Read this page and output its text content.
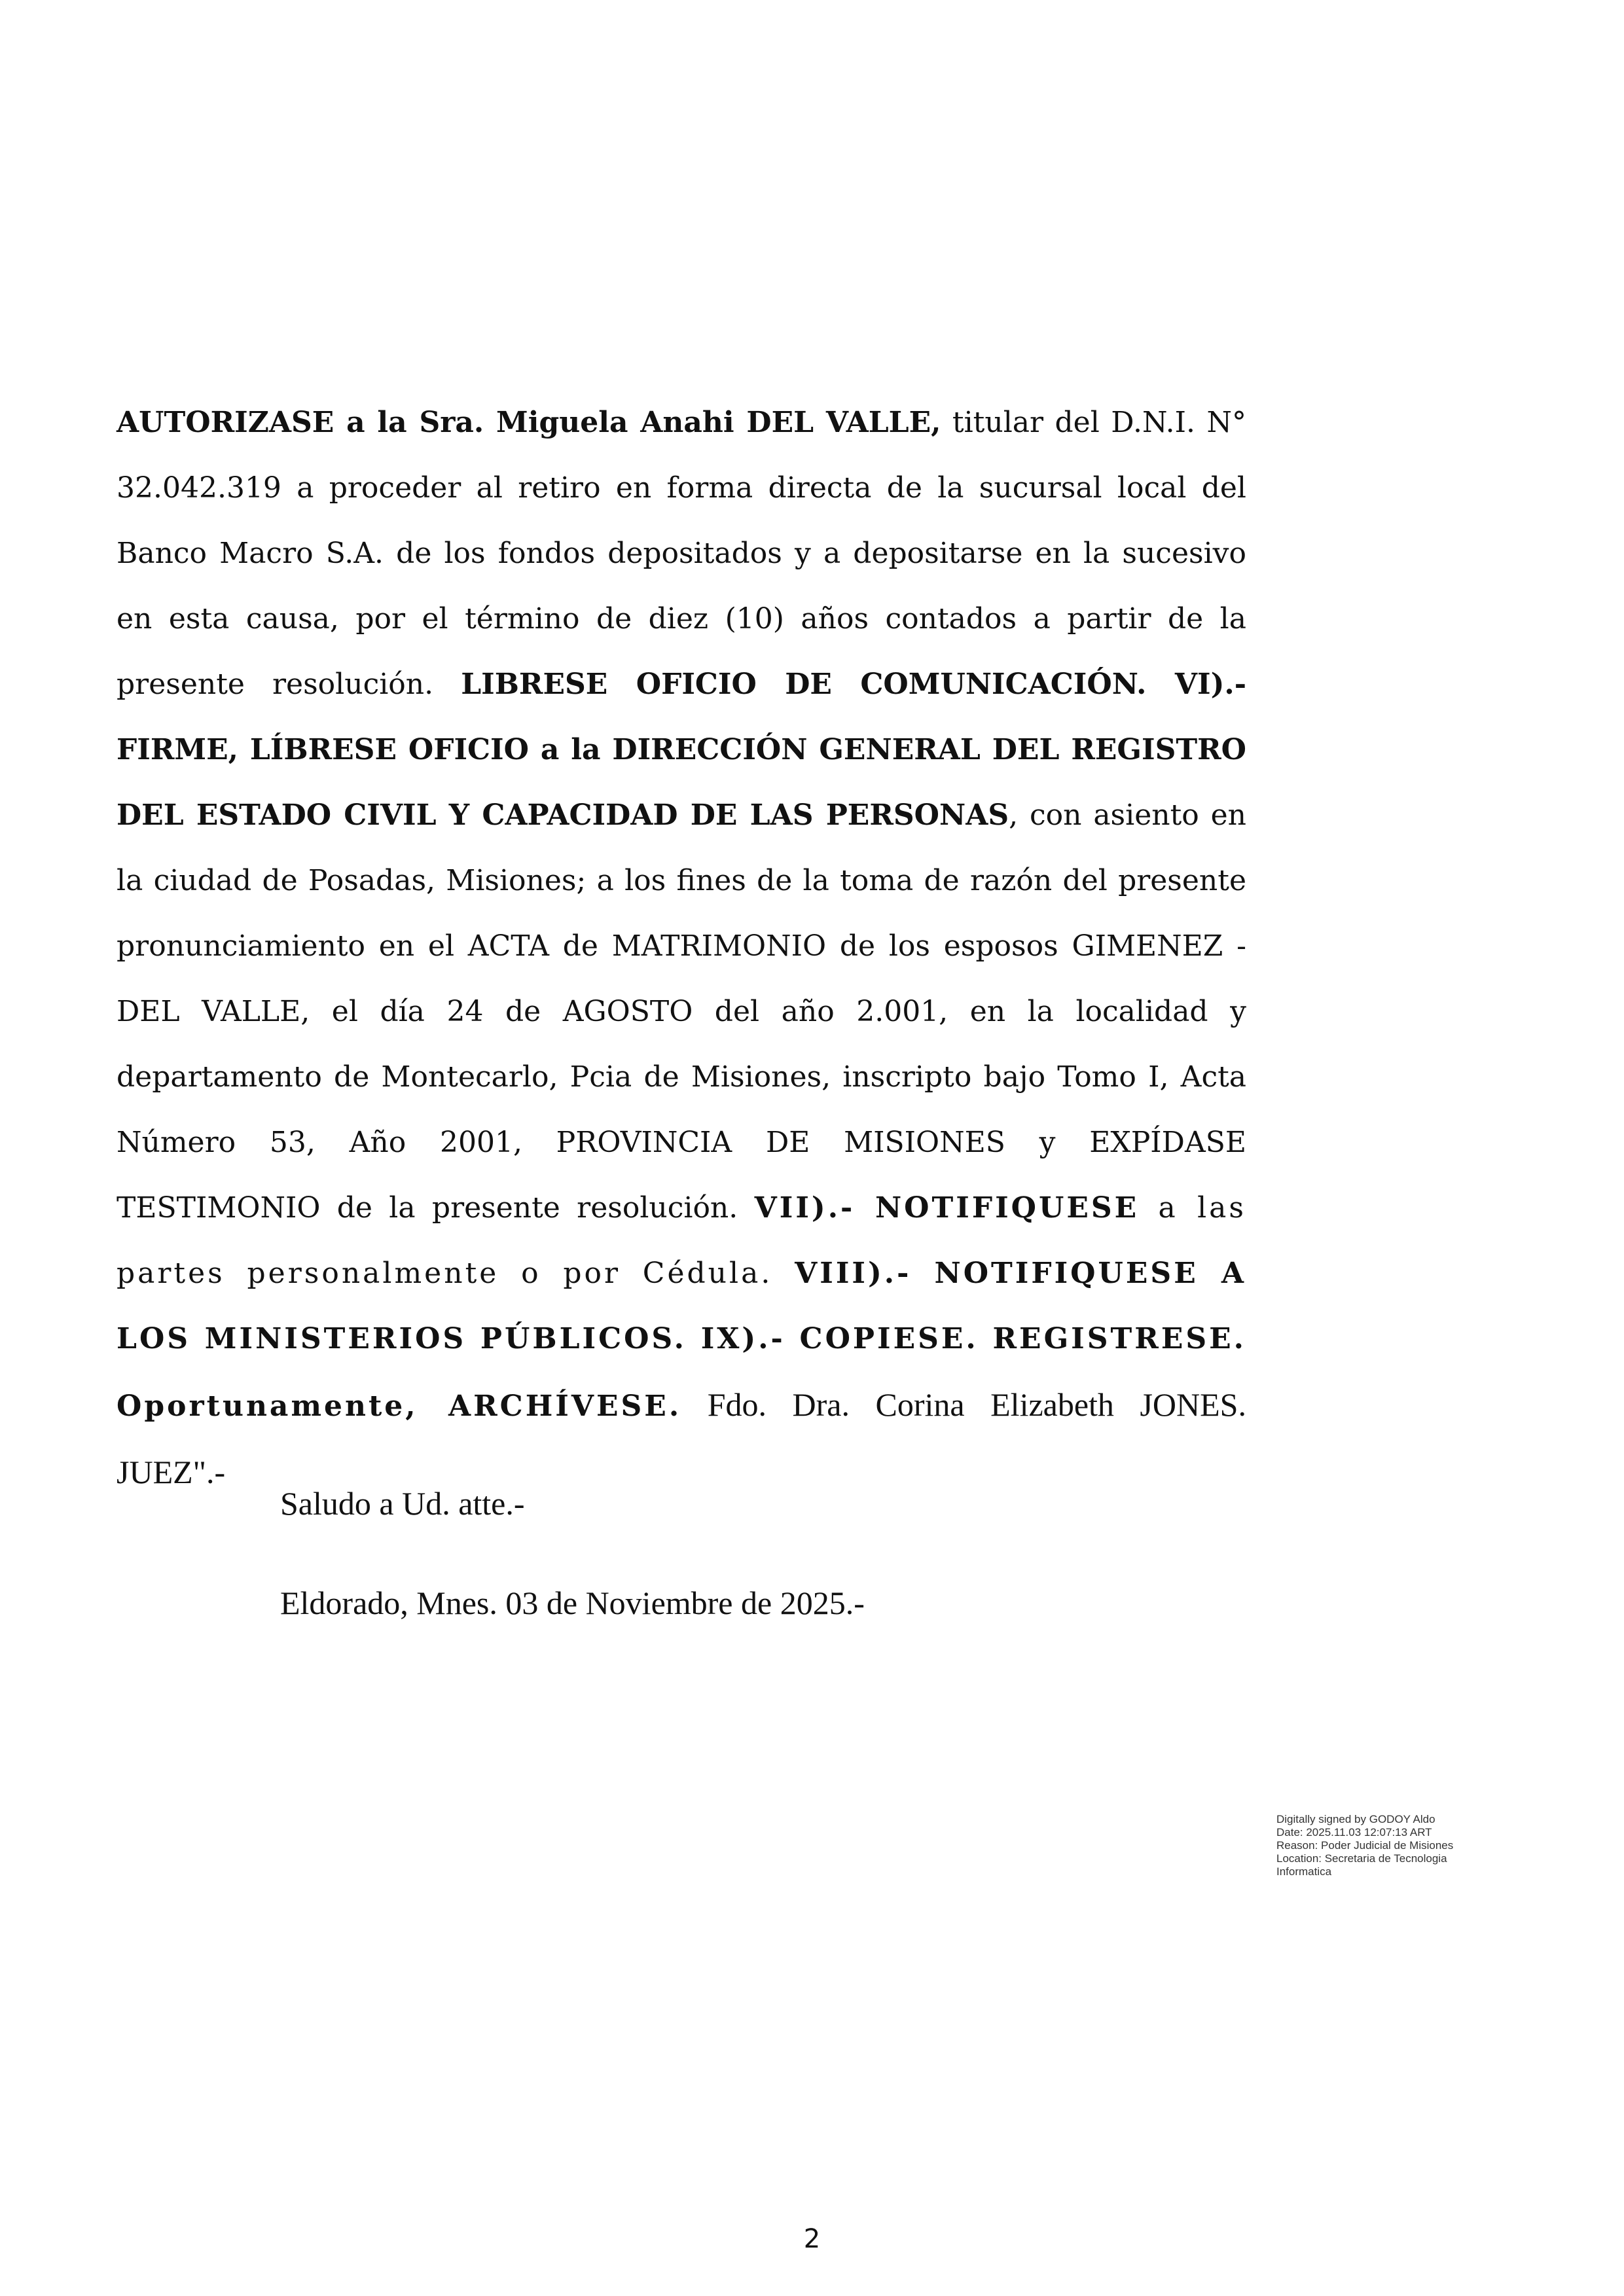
AUTORIZASE a la Sra. Miguela Anahi DEL VALLE, titular del D.N.I. N° 32.042.319 a proceder al retiro en forma directa de la sucursal local del Banco Macro S.A. de los fondos depositados y a depositarse en la sucesivo en esta causa, por el término de diez (10) años contados a partir de la presente resolución. LIBRESE OFICIO DE COMUNICACIÓN. VI).- FIRME, LÍBRESE OFICIO a la DIRECCIÓN GENERAL DEL REGISTRO DEL ESTADO CIVIL Y CAPACIDAD DE LAS PERSONAS, con asiento en la ciudad de Posadas, Misiones; a los fines de la toma de razón del presente pronunciamiento en el ACTA de MATRIMONIO de los esposos GIMENEZ - DEL VALLE, el día 24 de AGOSTO del año 2.001, en la localidad y departamento de Montecarlo, Pcia de Misiones, inscripto bajo Tomo I, Acta Número 53, Año 2001, PROVINCIA DE MISIONES y EXPÍDASE TESTIMONIO de la presente resolución. VII).- NOTIFIQUESE a las partes personalmente o por Cédula. VIII).- NOTIFIQUESE A LOS MINISTERIOS PÚBLICOS. IX).- COPIESE. REGISTRESE. Oportunamente, ARCHÍVESE. Fdo. Dra. Corina Elizabeth JONES. JUEZ".-

Saludo a Ud. atte.-

Eldorado, Mnes. 03 de Noviembre de 2025.-

Digitally signed by GODOY Aldo
Date: 2025.11.03 12:07:13 ART
Reason: Poder Judicial de Misiones
Location: Secretaria de Tecnologia
Informatica
2
